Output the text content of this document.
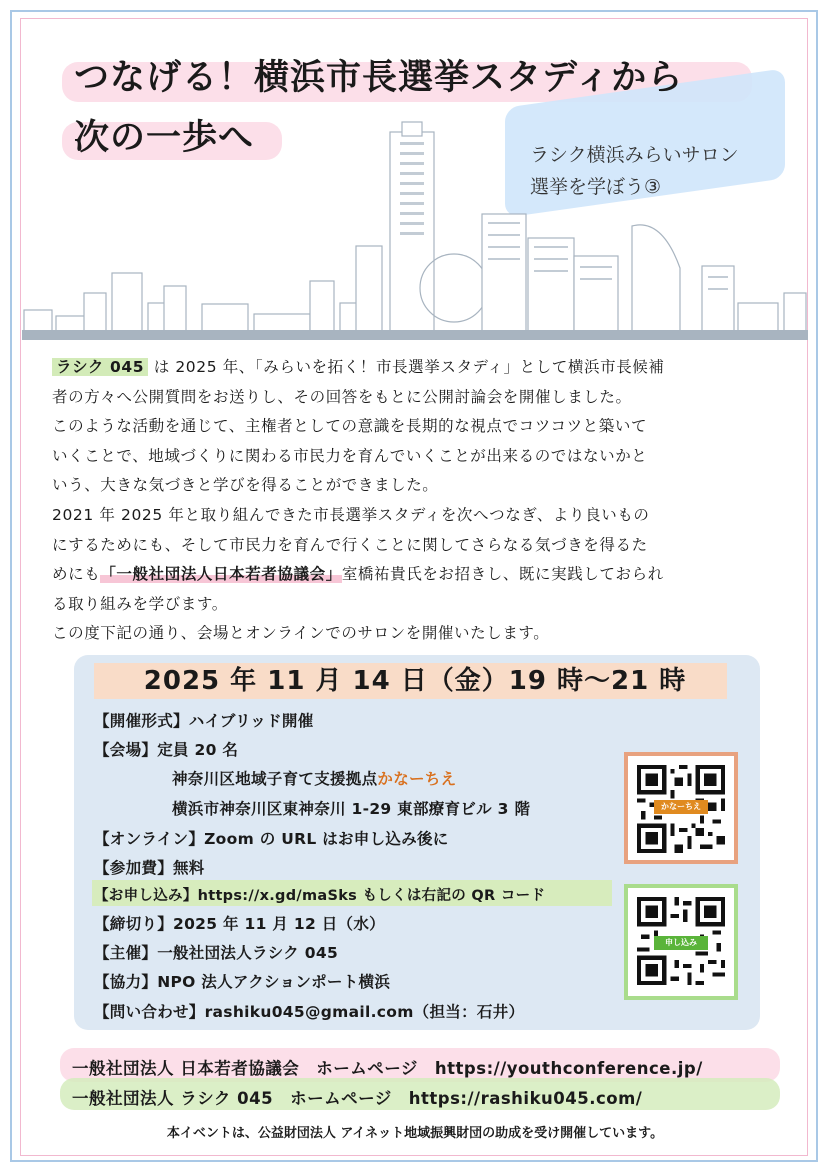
つなげる！横浜市長選挙スタディから
次の一歩へ	ラシク横浜みらいサロン
選挙を学ぼう③

ラシク 045 は 2025 年、「みらいを拓く！市長選挙スタディ」として横浜市長候補

者の方々へ公開質問をお送りし、その回答をもとに公開討論会を開催しました。

このような活動を通じて、主権者としての意識を長期的な視点でコツコツと築いて

いくことで、地域づくりに関わる市民力を育んでいくことが出来るのではないかと

いう、大きな気づきと学びを得ることができました。

2021 年 2025 年と取り組んできた市長選挙スタディを次へつなぎ、より良いもの

にするためにも、そして市民力を育んで行くことに関してさらなる気づきを得るた

めにも「一般社団法人日本若者協議会」室橋祐貴氏をお招きし、既に実践しておられ

る取り組みを学びます。

この度下記の通り、会場とオンラインでのサロンを開催いたします。

2025 年 11 月 14 日（金）19 時～21 時
【開催形式】ハイブリッド開催
【会場】定員 20 名
神奈川区地域子育て支援拠点かなーちえ
横浜市神奈川区東神奈川 1-29 東部療育ビル 3 階
【オンライン】Zoom の URL はお申し込み後に
【参加費】無料
【お申し込み】https://x.gd/maSks もしくは右記の QR コード
【締切り】2025 年 11 月 12 日（水）
【主催】一般社団法人ラシク 045
【協力】NPO 法人アクションポート横浜
【問い合わせ】rashiku045@gmail.com（担当：石井）
かなーちえ
申し込み
一般社団法人 日本若者協議会　ホームページ　https://youthconference.jp/
一般社団法人 ラシク 045　ホームページ　https://rashiku045.com/
本イベントは、公益財団法人 アイネット地域振興財団の助成を受け開催しています。
